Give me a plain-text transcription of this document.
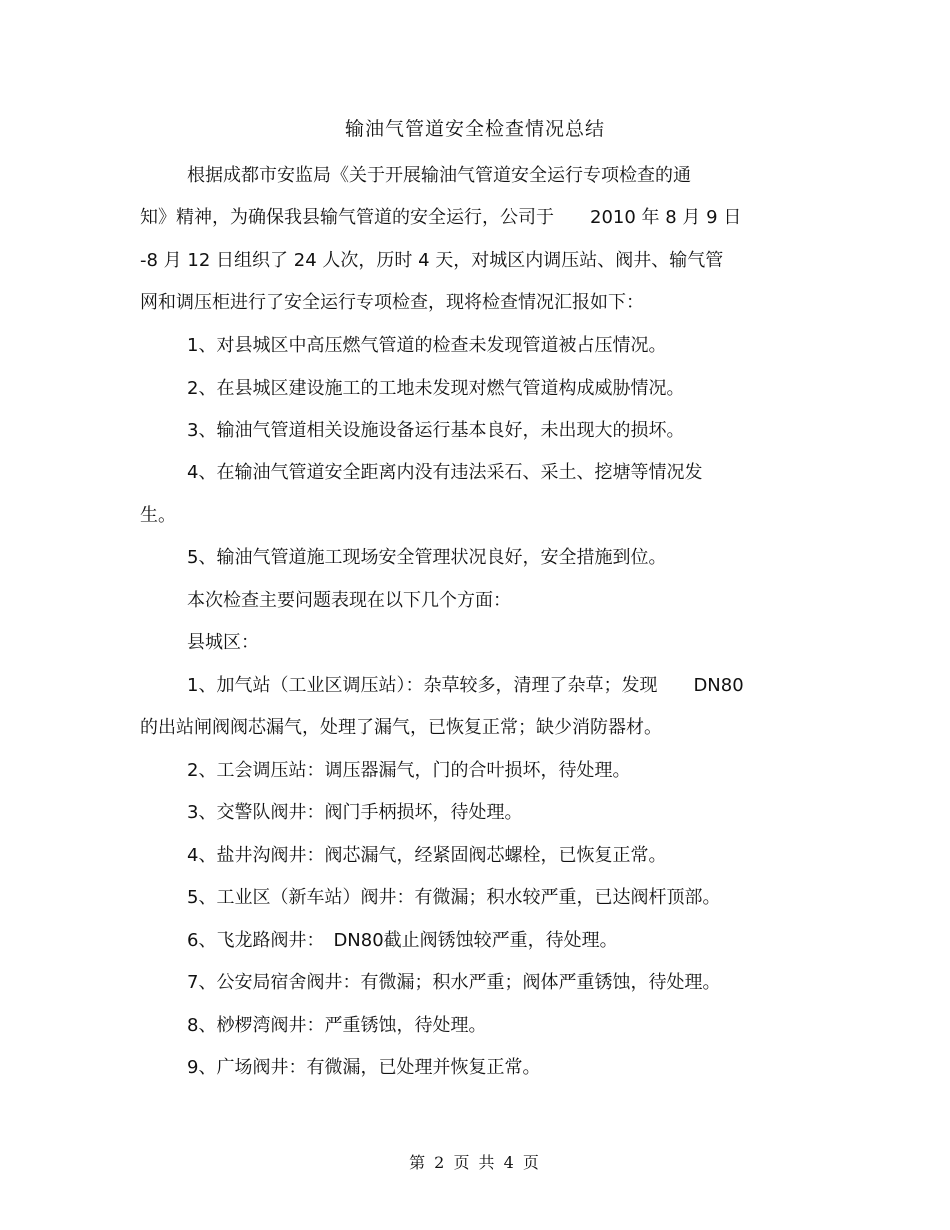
输油气管道安全检查情况总结
根据成都市安监局《关于开展输油气管道安全运行专项检查的通
知》精神，为确保我县输气管道的安全运行，公司于　　2010 年 8 月 9 日
-8 月 12 日组织了 24 人次，历时 4 天，对城区内调压站、阀井、输气管
网和调压柜进行了安全运行专项检查，现将检查情况汇报如下：
1、对县城区中高压燃气管道的检查未发现管道被占压情况。
2、在县城区建设施工的工地未发现对燃气管道构成威胁情况。
3、输油气管道相关设施设备运行基本良好，未出现大的损坏。
4、在输油气管道安全距离内没有违法采石、采土、挖塘等情况发
生。
5、输油气管道施工现场安全管理状况良好，安全措施到位。
本次检查主要问题表现在以下几个方面：
县城区：
1、加气站（工业区调压站）：杂草较多，清理了杂草；发现　　DN80
的出站闸阀阀芯漏气，处理了漏气，已恢复正常；缺少消防器材。
2、工会调压站：调压器漏气，门的合叶损坏，待处理。
3、交警队阀井：阀门手柄损坏，待处理。
4、盐井沟阀井：阀芯漏气，经紧固阀芯螺栓，已恢复正常。
5、工业区（新车站）阀井：有微漏；积水较严重，已达阀杆顶部。
6、飞龙路阀井：　DN80截止阀锈蚀较严重，待处理。
7、公安局宿舍阀井：有微漏；积水严重；阀体严重锈蚀，待处理。
8、桫椤湾阀井：严重锈蚀，待处理。
9、广场阀井：有微漏，已处理并恢复正常。
第 2 页 共 4 页
